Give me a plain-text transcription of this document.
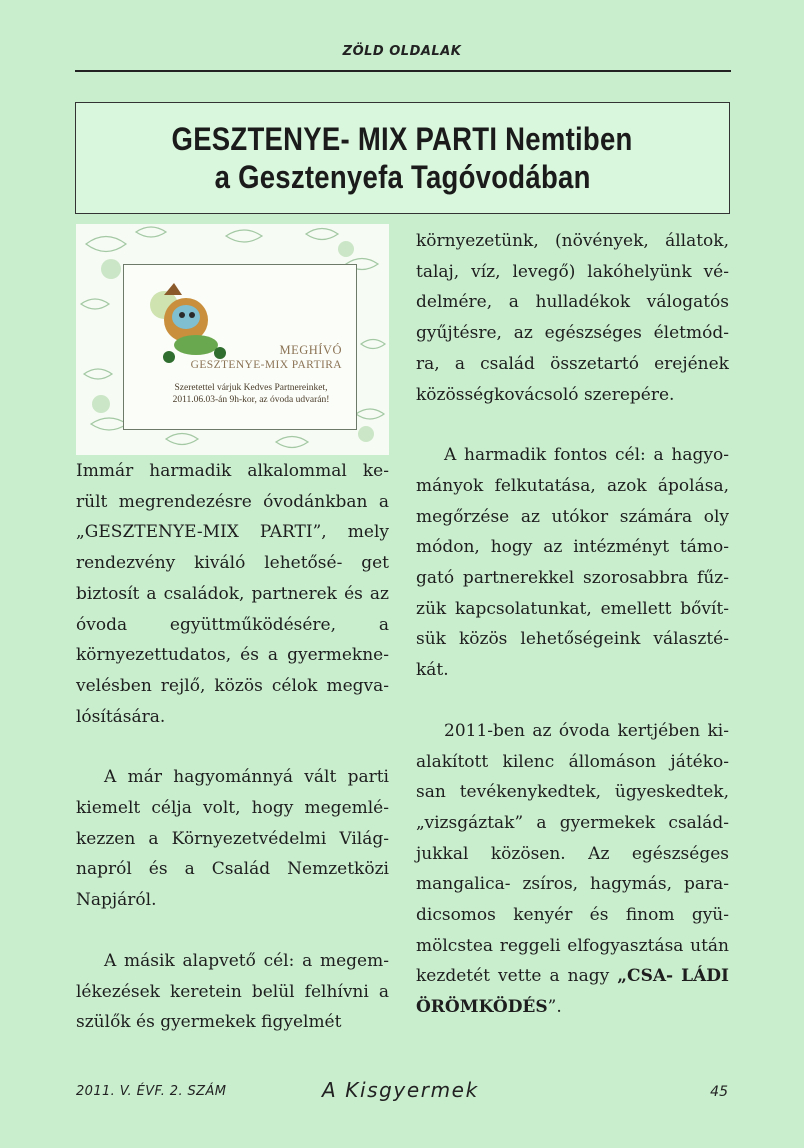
ZÖLD OLDALAK
GESZTENYE- MIX PARTI Nemtiben
a Gesztenyefa Tagóvodában
MEGHÍVÓ
GESZTENYE-MIX PARTIRA
Szeretettel várjuk Kedves Partnereinket,
2011.06.03-án 9h-kor, az óvoda udvarán!

Immár harmadik alkalommal ke- rült megrendezésre óvodánkban a „GESZTENYE-MIX PARTI”, mely rendezvény kiváló lehetősé- get biztosít a családok, partnerek és az óvoda együttműködésére, a környezettudatos, és a gyermekne- velésben rejlő, közös célok megva- lósítására.

A már hagyománnyá vált parti kiemelt célja volt, hogy megemlé- kezzen a Környezetvédelmi Világ- napról és a Család Nemzetközi Napjáról.

A másik alapvető cél: a megem- lékezések keretein belül felhívni a szülők és gyermekek figyelmét

környezetünk, (növények, állatok, talaj, víz, levegő) lakóhelyünk vé- delmére, a hulladékok válogatós gyűjtésre, az egészséges életmód- ra, a család összetartó erejének közösségkovácsoló szerepére.

A harmadik fontos cél: a hagyo- mányok felkutatása, azok ápolása, megőrzése az utókor számára oly módon, hogy az intézményt támo- gató partnerekkel szorosabbra fűz- zük kapcsolatunkat, emellett bővít- sük közös lehetőségeink választé- kát.

2011-ben az óvoda kertjében ki- alakított kilenc állomáson játéko- san tevékenykedtek, ügyeskedtek, „vizsgáztak” a gyermekek család- jukkal közösen. Az egészséges mangalica- zsíros, hagymás, para- dicsomos kenyér és finom gyü- mölcstea reggeli elfogyasztása után kezdetét vette a nagy „CSA- LÁDI ÖRÖMKÖDÉS”.

2011. V. ÉVF. 2. SZÁM	A Kisgyermek	45
